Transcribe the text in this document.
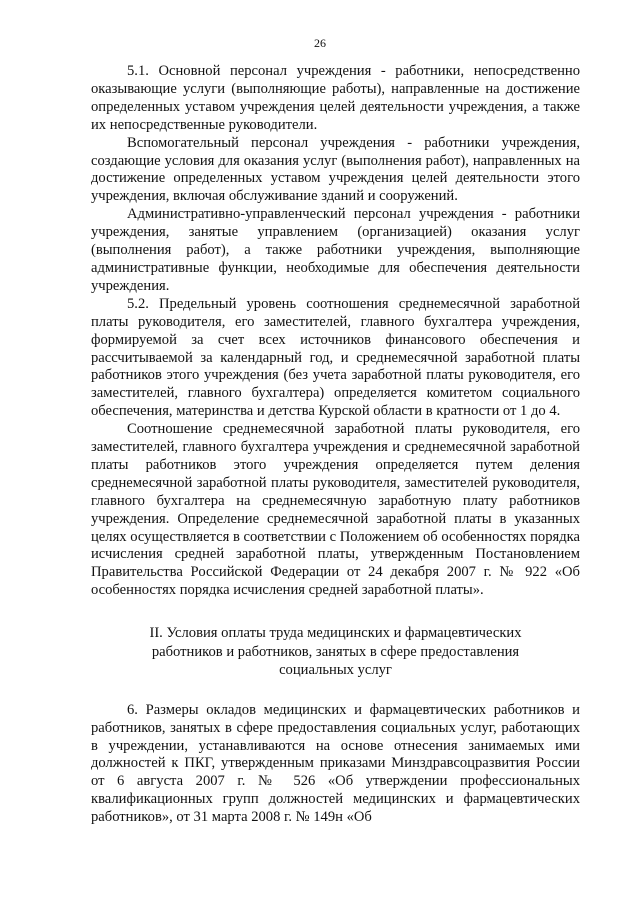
26

5.1. Основной персонал учреждения - работники, непосредственно оказывающие услуги (выполняющие работы), направленные на достижение определенных уставом учреждения целей деятельности учреждения, а также их непосредственные руководители.

Вспомогательный персонал учреждения - работники учреждения, создающие условия для оказания услуг (выполнения работ), направленных на достижение определенных уставом учреждения целей деятельности этого учреждения, включая обслуживание зданий и сооружений.

Административно-управленческий персонал учреждения - работники учреждения, занятые управлением (организацией) оказания услуг (выполнения работ), а также работники учреждения, выполняющие административные функции, необходимые для обеспечения деятельности учреждения.

5.2. Предельный уровень соотношения среднемесячной заработной платы руководителя, его заместителей, главного бухгалтера учреждения, формируемой за счет всех источников финансового обеспечения и рассчитываемой за календарный год, и среднемесячной заработной платы работников этого учреждения (без учета заработной платы руководителя, его заместителей, главного бухгалтера) определяется комитетом социального обеспечения, материнства и детства Курской области в кратности от 1 до 4.

Соотношение среднемесячной заработной платы руководителя, его заместителей, главного бухгалтера учреждения и среднемесячной заработной платы работников этого учреждения определяется путем деления среднемесячной заработной платы руководителя, заместителей руководителя, главного бухгалтера на среднемесячную заработную плату работников учреждения. Определение среднемесячной заработной платы в указанных целях осуществляется в соответствии с Положением об особенностях порядка исчисления средней заработной платы, утвержденным Постановлением Правительства Российской Федерации от 24 декабря 2007 г. № 922 «Об особенностях порядка исчисления средней заработной платы».

II. Условия оплаты труда медицинских и фармацевтических
работников и работников, занятых в сфере предоставления
социальных услуг

6. Размеры окладов медицинских и фармацевтических работников и работников, занятых в сфере предоставления социальных услуг, работающих в учреждении, устанавливаются на основе отнесения занимаемых ими должностей к ПКГ, утвержденным приказами Минздравсоцразвития России от 6 августа 2007 г. № 526 «Об утверждении профессиональных квалификационных групп должностей медицинских и фармацевтических работников», от 31 марта 2008 г. № 149н «Об
